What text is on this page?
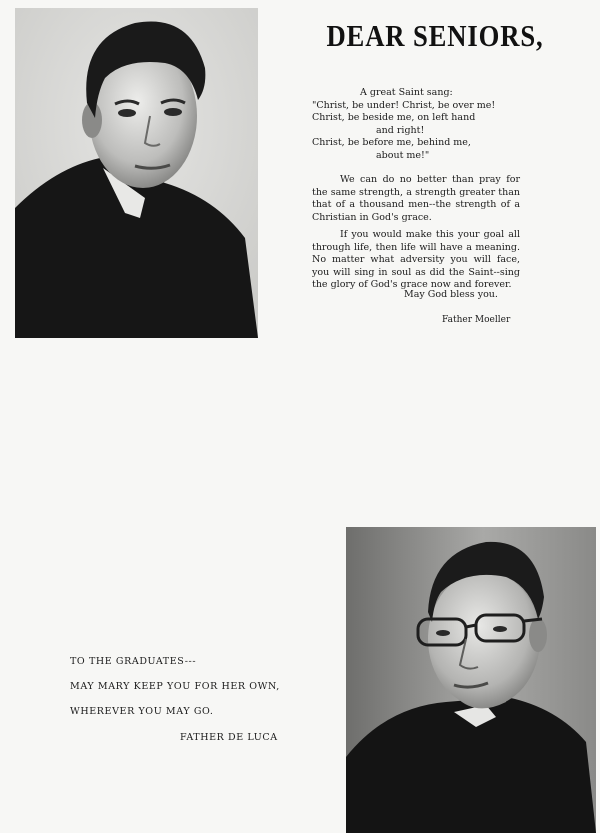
DEAR SENIORS,
A great Saint sang:
"Christ, be under! Christ, be over me!
Christ, be beside me, on left hand
and right!
Christ, be before me, behind me,
about me!"

We can do no better than pray for the same strength, a strength greater than that of a thousand men--the strength of a Christian in God's grace.

If you would make this your goal all through life, then life will have a meaning. No matter what adversity you will face, you will sing in soul as did the Saint--sing the glory of God's grace now and forever.

May God bless you.
Father Moeller
TO THE GRADUATES---
MAY MARY KEEP YOU FOR HER OWN,
WHEREVER YOU MAY GO.
FATHER DE LUCA
